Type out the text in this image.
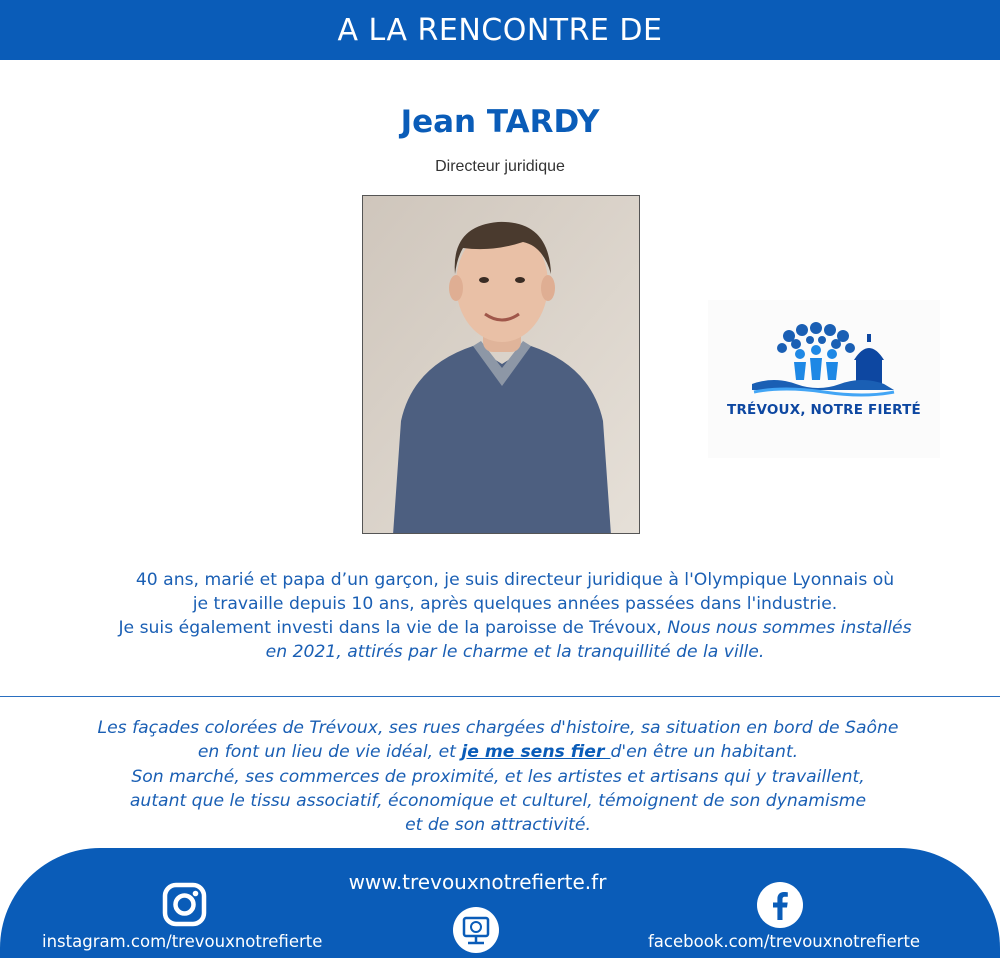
A LA RENCONTRE DE
Jean TARDY
Directeur juridique
TRÉVOUX, NOTRE FIERTÉ
40 ans, marié et papa d’un garçon, je suis directeur juridique à l'Olympique Lyonnais où
je travaille depuis 10 ans, après quelques années passées dans l'industrie.
Je suis également investi dans la vie de la paroisse de Trévoux, Nous nous sommes installés
en 2021, attirés par le charme et la tranquillité de la ville.
Les façades colorées de Trévoux, ses rues chargées d'histoire, sa situation en bord de Saône
en font un lieu de vie idéal, et je me sens fier d'en être un habitant.
Son marché, ses commerces de proximité, et les artistes et artisans qui y travaillent,
autant que le tissu associatif, économique et culturel, témoignent de son dynamisme
et de son attractivité.
www.trevouxnotrefierte.fr
instagram.com/trevouxnotrefierte	facebook.com/trevouxnotrefierte
